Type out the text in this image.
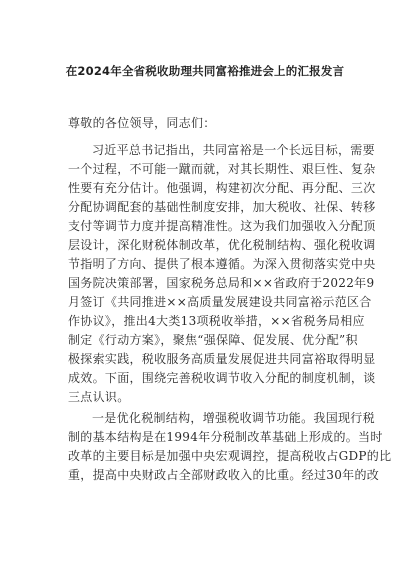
在2024年全省税收助理共同富裕推进会上的汇报发言
尊敬的各位领导，同志们：
习近平总书记指出，共同富裕是一个长远目标，需要
一个过程，不可能一蹴而就，对其长期性、艰巨性、复杂
性要有充分估计。他强调，构建初次分配、再分配、三次
分配协调配套的基础性制度安排，加大税收、社保、转移
支付等调节力度并提高精准性。这为我们加强收入分配顶
层设计，深化财税体制改革，优化税制结构、强化税收调
节指明了方向、提供了根本遵循。为深入贯彻落实党中央
国务院决策部署，国家税务总局和××省政府于2022年9
月签订《共同推进××高质量发展建设共同富裕示范区合
作协议》，推出4大类13项税收举措，××省税务局相应
制定《行动方案》，聚焦“强保障、促发展、优分配”积
极探索实践，税收服务高质量发展促进共同富裕取得明显
成效。下面，围绕完善税收调节收入分配的制度机制，谈
三点认识。
一是优化税制结构，增强税收调节功能。我国现行税
制的基本结构是在1994年分税制改革基础上形成的。当时
改革的主要目标是加强中央宏观调控，提高税收占GDP的比
重，提高中央财政占全部财政收入的比重。经过30年的改
